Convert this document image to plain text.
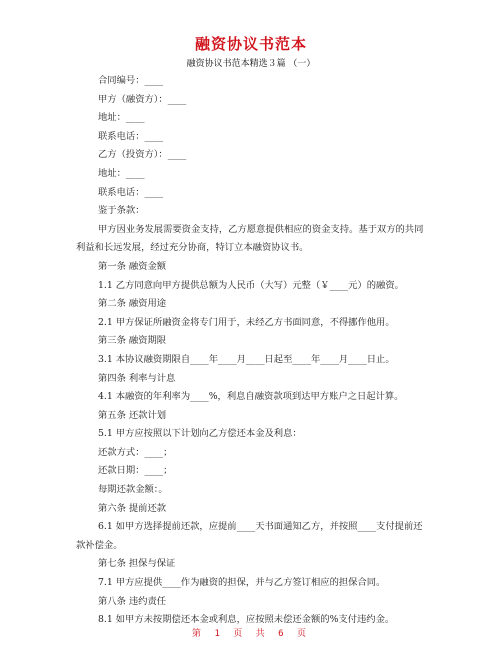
融资协议书范本
融资协议书范本精选３篇 （一）

合同编号：____

甲方（融资方）：____

地址：____

联系电话：____

乙方（投资方）：____

地址：____

联系电话：____

鉴于条款：

甲方因业务发展需要资金支持，乙方愿意提供相应的资金支持。基于双方的共同利益和长远发展，经过充分协商，特订立本融资协议书。

第一条 融资金额

1.1 乙方同意向甲方提供总额为人民币（大写）元整（￥____元）的融资。

第二条 融资用途

2.1 甲方保证所融资金将专门用于，未经乙方书面同意，不得挪作他用。

第三条 融资期限

3.1 本协议融资期限自____年____月____日起至____年____月____日止。

第四条 利率与计息

4.1 本融资的年利率为____%，利息自融资款项到达甲方账户之日起计算。

第五条 还款计划

5.1 甲方应按照以下计划向乙方偿还本金及利息：

还款方式：____；

还款日期：____；

每期还款金额：。

第六条 提前还款

6.1 如甲方选择提前还款，应提前____天书面通知乙方，并按照____支付提前还款补偿金。

第七条 担保与保证

7.1 甲方应提供____作为融资的担保，并与乙方签订相应的担保合同。

第八条 违约责任

8.1 如甲方未按期偿还本金或利息，应按照未偿还金额的%支付违约金。

第 1 页 共 6 页
